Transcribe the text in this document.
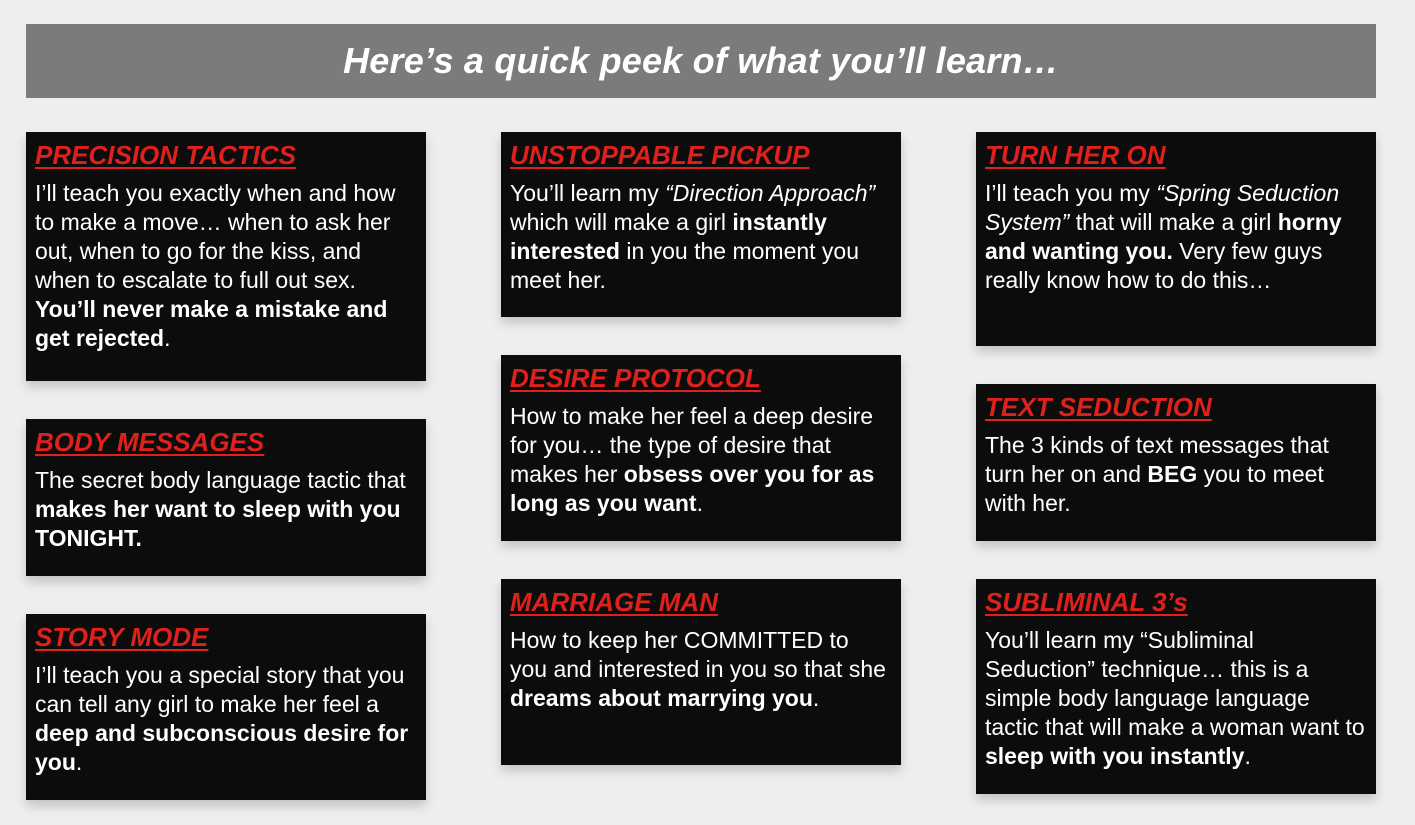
Here’s a quick peek of what you’ll learn…
PRECISION TACTICS

I’ll teach you exactly when and how to make a move… when to ask her out, when to go for the kiss, and when to escalate to full out sex. You’ll never make a mistake and get rejected.

BODY MESSAGES

The secret body language tactic that makes her want to sleep with you TONIGHT.

STORY MODE

I’ll teach you a special story that you can tell any girl to make her feel a deep and subconscious desire for you.

UNSTOPPABLE PICKUP

You’ll learn my “Direction Approach” which will make a girl instantly interested in you the moment you meet her.

DESIRE PROTOCOL

How to make her feel a deep desire for you… the type of desire that makes her obsess over you for as long as you want.

MARRIAGE MAN

How to keep her COMMITTED to you and interested in you so that she dreams about marrying you.

TURN HER ON

I’ll teach you my “Spring Seduction System” that will make a girl horny and wanting you. Very few guys really know how to do this…

TEXT SEDUCTION

The 3 kinds of text messages that turn her on and BEG you to meet with her.

SUBLIMINAL 3’s

You’ll learn my “Subliminal Seduction” technique… this is a simple body language language tactic that will make a woman want to sleep with you instantly.
